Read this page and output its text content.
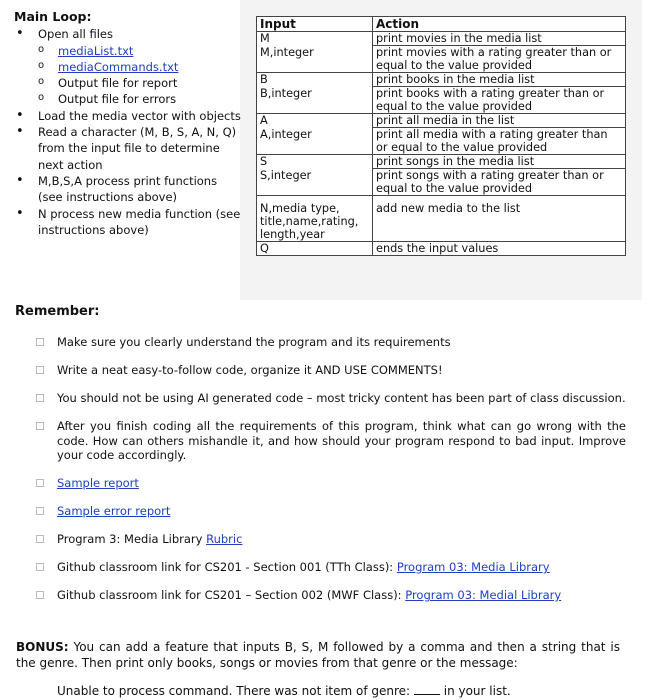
Main Loop:
• Open all files
o mediaList.txt
o mediaCommands.txt
o Output file for report
o Output file for errors
• Load the media vector with objects
• Read a character (M, B, S, A, N, Q) from the input file to determine next action
• M,B,S,A process print functions (see instructions above)
• N process new media function (see instructions above)
Input	Action
M	print movies in the media list
M,integer	print movies with a rating greater than or equal to the value provided
B	print books in the media list
B,integer	print books with a rating greater than or equal to the value provided
A	print all media in the list
A,integer	print all media with a rating greater than or equal to the value provided
S	print songs in the media list
S,integer	print songs with a rating greater than or equal to the value provided
N,media type, title,name,rating, length,year	add new media to the list
Q	ends the input values
Remember:
Make sure you clearly understand the program and its requirements
Write a neat easy-to-follow code, organize it AND USE COMMENTS!
You should not be using AI generated code – most tricky content has been part of class discussion.
After you finish coding all the requirements of this program, think what can go wrong with the code. How can others mishandle it, and how should your program respond to bad input. Improve your code accordingly.
Sample report
Sample error report
Program 3: Media Library Rubric
Github classroom link for CS201 - Section 001 (TTh Class): Program 03: Media Library
Github classroom link for CS201 – Section 002 (MWF Class): Program 03: Medial Library
BONUS: You can add a feature that inputs B, S, M followed by a comma and then a string that is the genre. Then print only books, songs or movies from that genre or the message:
Unable to process command. There was not item of genre:  in your list.
